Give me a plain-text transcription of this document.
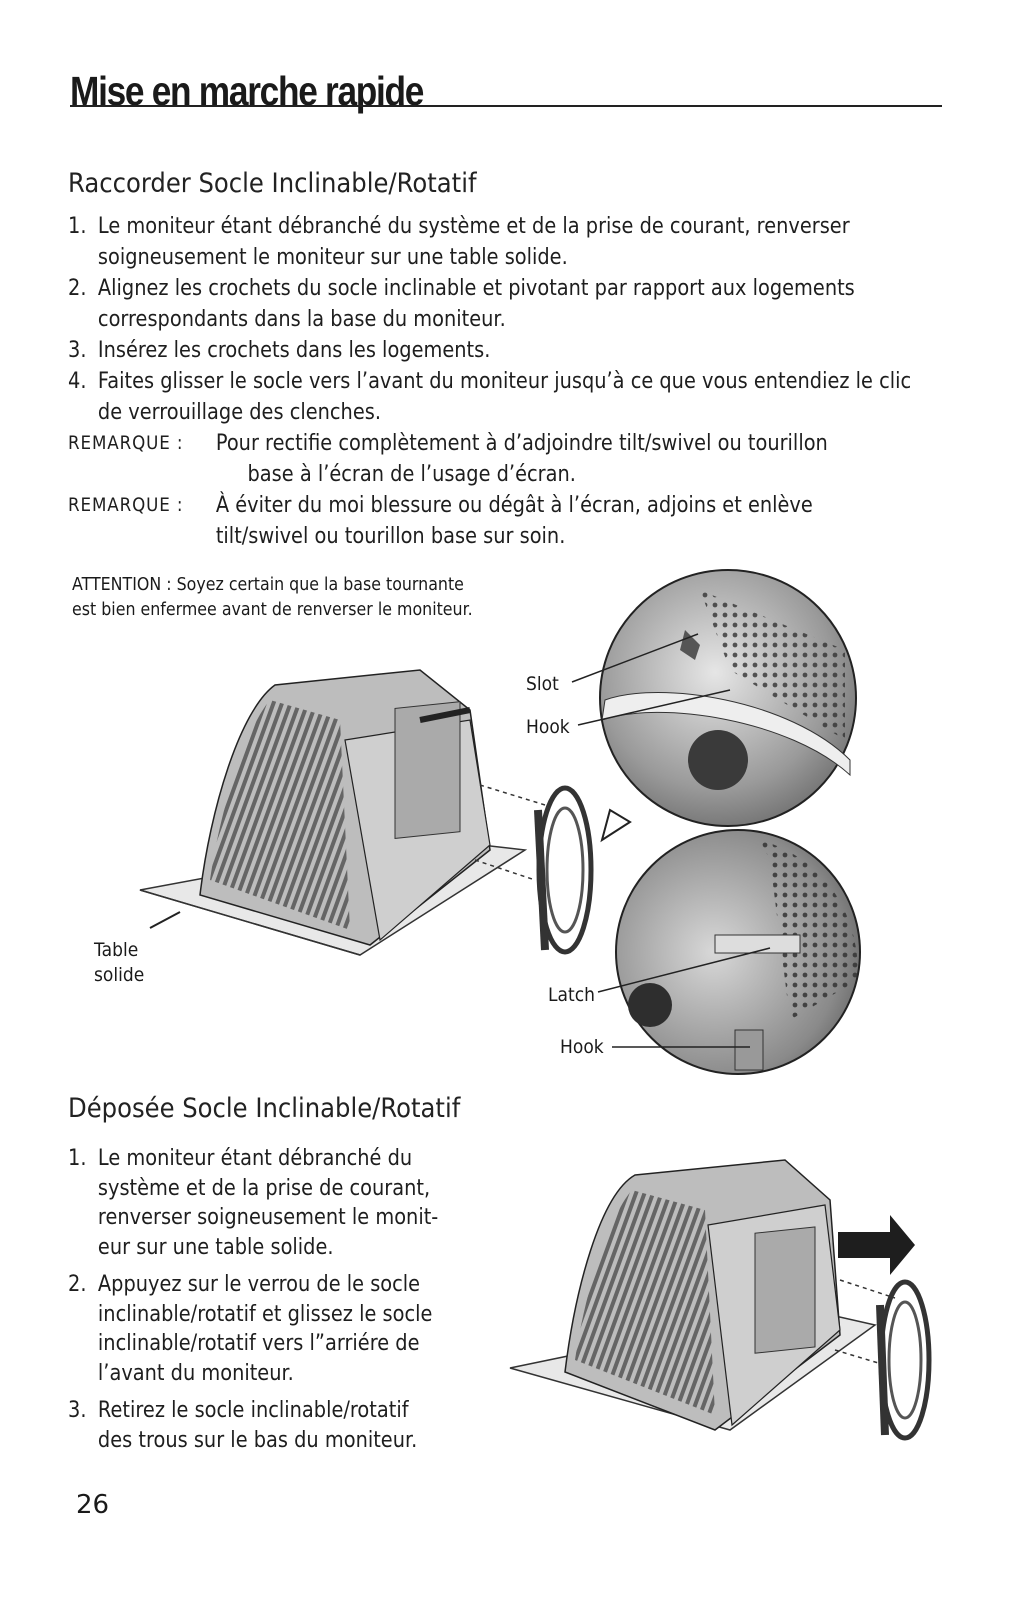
Mise en marche rapide
Raccorder Socle Inclinable/Rotatif
1. Le moniteur étant débranché du système et de la prise de courant, renverser soigneusement le moniteur sur une table solide.
2. Alignez les crochets du socle inclinable et pivotant par rapport aux logements correspondants dans la base du moniteur.
3. Insérez les crochets dans les logements.
4. Faites glisser le socle vers l’avant du moniteur jusqu’à ce que vous entendiez le clic de verrouillage des clenches.
REMARQUE :	Pour rectifie complètement à d’adjoindre tilt/swivel ou tourillon
base à l’écran de l’usage d’écran.
REMARQUE :	À éviter du moi blessure ou dégât à l’écran, adjoins et enlève
tilt/swivel ou tourillon base sur soin.
ATTENTION : Soyez certain que la base tournante
est bien enfermee avant de renverser le moniteur.
Slot
Hook
Table
solide
Latch
Hook
Déposée Socle Inclinable/Rotatif
1. Le moniteur étant débranché du
système et de la prise de courant,
renverser soigneusement le monit-
eur sur une table solide.
2. Appuyez sur le verrou de le socle
inclinable/rotatif et glissez le socle
inclinable/rotatif vers l”arriére de
l’avant du moniteur.
3. Retirez le socle inclinable/rotatif
des trous sur le bas du moniteur.
26
